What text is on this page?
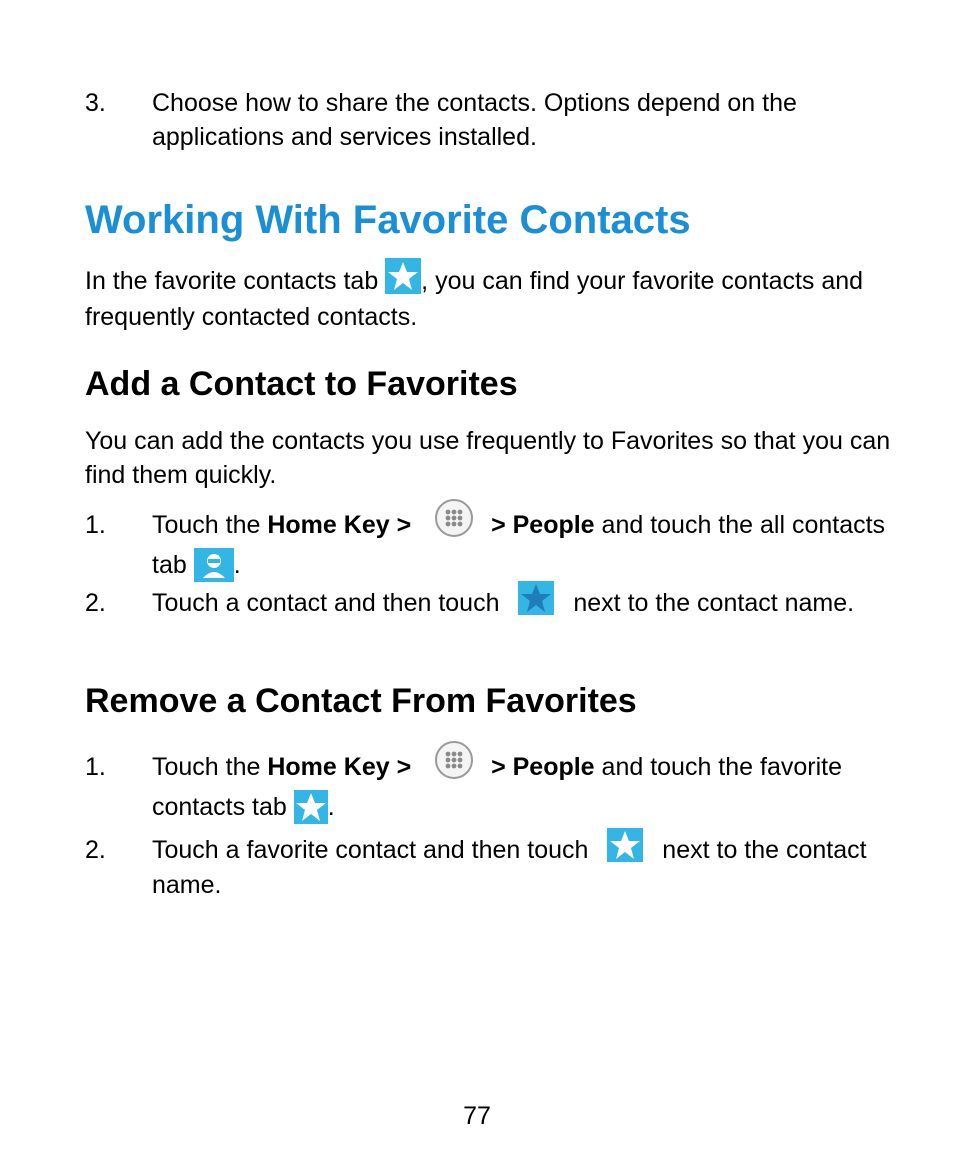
3. Choose how to share the contacts. Options depend on the applications and services installed.
Working With Favorite Contacts
In the favorite contacts tab
, you can find your favorite contacts and frequently contacted contacts.
Add a Contact to Favorites
You can add the contacts you use frequently to Favorites so that you can find them quickly.
1. Touch the Home Key >	> People and touch the all contacts tab
.
2. Touch a contact and then touch
next to the contact name.
Remove a Contact From Favorites
1. Touch the Home Key >	> People and touch the favorite contacts tab
.
2. Touch a favorite contact and then touch
next to the contact name.
77
